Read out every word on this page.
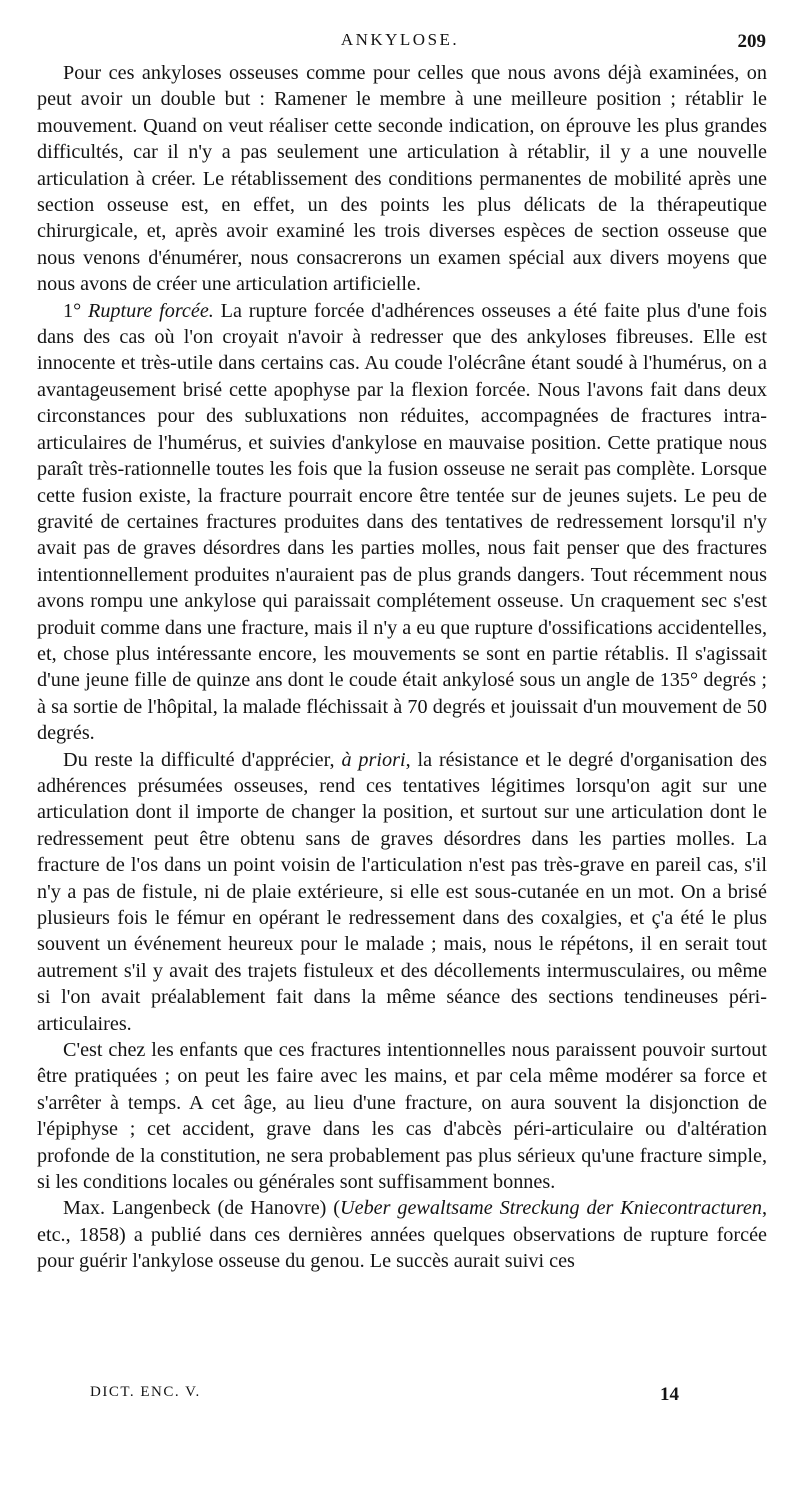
ANKYLOSE.	209

Pour ces ankyloses osseuses comme pour celles que nous avons déjà examinées, on peut avoir un double but : Ramener le membre à une meilleure position ; rétablir le mouvement. Quand on veut réaliser cette seconde indication, on éprouve les plus grandes difficultés, car il n'y a pas seulement une articulation à rétablir, il y a une nouvelle articulation à créer. Le rétablissement des conditions permanentes de mobilité après une section osseuse est, en effet, un des points les plus délicats de la thérapeutique chirurgicale, et, après avoir examiné les trois diverses espèces de section osseuse que nous venons d'énumérer, nous consacrerons un examen spécial aux divers moyens que nous avons de créer une articulation artificielle.

1° Rupture forcée. La rupture forcée d'adhérences osseuses a été faite plus d'une fois dans des cas où l'on croyait n'avoir à redresser que des ankyloses fibreuses. Elle est innocente et très-utile dans certains cas. Au coude l'olécrâne étant soudé à l'humérus, on a avantageusement brisé cette apophyse par la flexion forcée. Nous l'avons fait dans deux circonstances pour des subluxations non réduites, accompagnées de fractures intra-articulaires de l'humérus, et suivies d'ankylose en mauvaise position. Cette pratique nous paraît très-rationnelle toutes les fois que la fusion osseuse ne serait pas complète. Lorsque cette fusion existe, la fracture pourrait encore être tentée sur de jeunes sujets. Le peu de gravité de certaines fractures produites dans des tentatives de redressement lorsqu'il n'y avait pas de graves désordres dans les parties molles, nous fait penser que des fractures intentionnellement produites n'auraient pas de plus grands dangers. Tout récemment nous avons rompu une ankylose qui paraissait complétement osseuse. Un craquement sec s'est produit comme dans une fracture, mais il n'y a eu que rupture d'ossifications accidentelles, et, chose plus intéressante encore, les mouvements se sont en partie rétablis. Il s'agissait d'une jeune fille de quinze ans dont le coude était ankylosé sous un angle de 135° degrés ; à sa sortie de l'hôpital, la malade fléchissait à 70 degrés et jouissait d'un mouvement de 50 degrés.

Du reste la difficulté d'apprécier, à priori, la résistance et le degré d'organisation des adhérences présumées osseuses, rend ces tentatives légitimes lorsqu'on agit sur une articulation dont il importe de changer la position, et surtout sur une articulation dont le redressement peut être obtenu sans de graves désordres dans les parties molles. La fracture de l'os dans un point voisin de l'articulation n'est pas très-grave en pareil cas, s'il n'y a pas de fistule, ni de plaie extérieure, si elle est sous-cutanée en un mot. On a brisé plusieurs fois le fémur en opérant le redressement dans des coxalgies, et ç'a été le plus souvent un événement heureux pour le malade ; mais, nous le répétons, il en serait tout autrement s'il y avait des trajets fistuleux et des décollements intermusculaires, ou même si l'on avait préalablement fait dans la même séance des sections tendineuses péri-articulaires.

C'est chez les enfants que ces fractures intentionnelles nous paraissent pouvoir surtout être pratiquées ; on peut les faire avec les mains, et par cela même modérer sa force et s'arrêter à temps. A cet âge, au lieu d'une fracture, on aura souvent la disjonction de l'épiphyse ; cet accident, grave dans les cas d'abcès péri-articulaire ou d'altération profonde de la constitution, ne sera probablement pas plus sérieux qu'une fracture simple, si les conditions locales ou générales sont suffisamment bonnes.

Max. Langenbeck (de Hanovre) (Ueber gewaltsame Streckung der Kniecontracturen, etc., 1858) a publié dans ces dernières années quelques observations de rupture forcée pour guérir l'ankylose osseuse du genou. Le succès aurait suivi ces

DICT. ENC. V.	14
